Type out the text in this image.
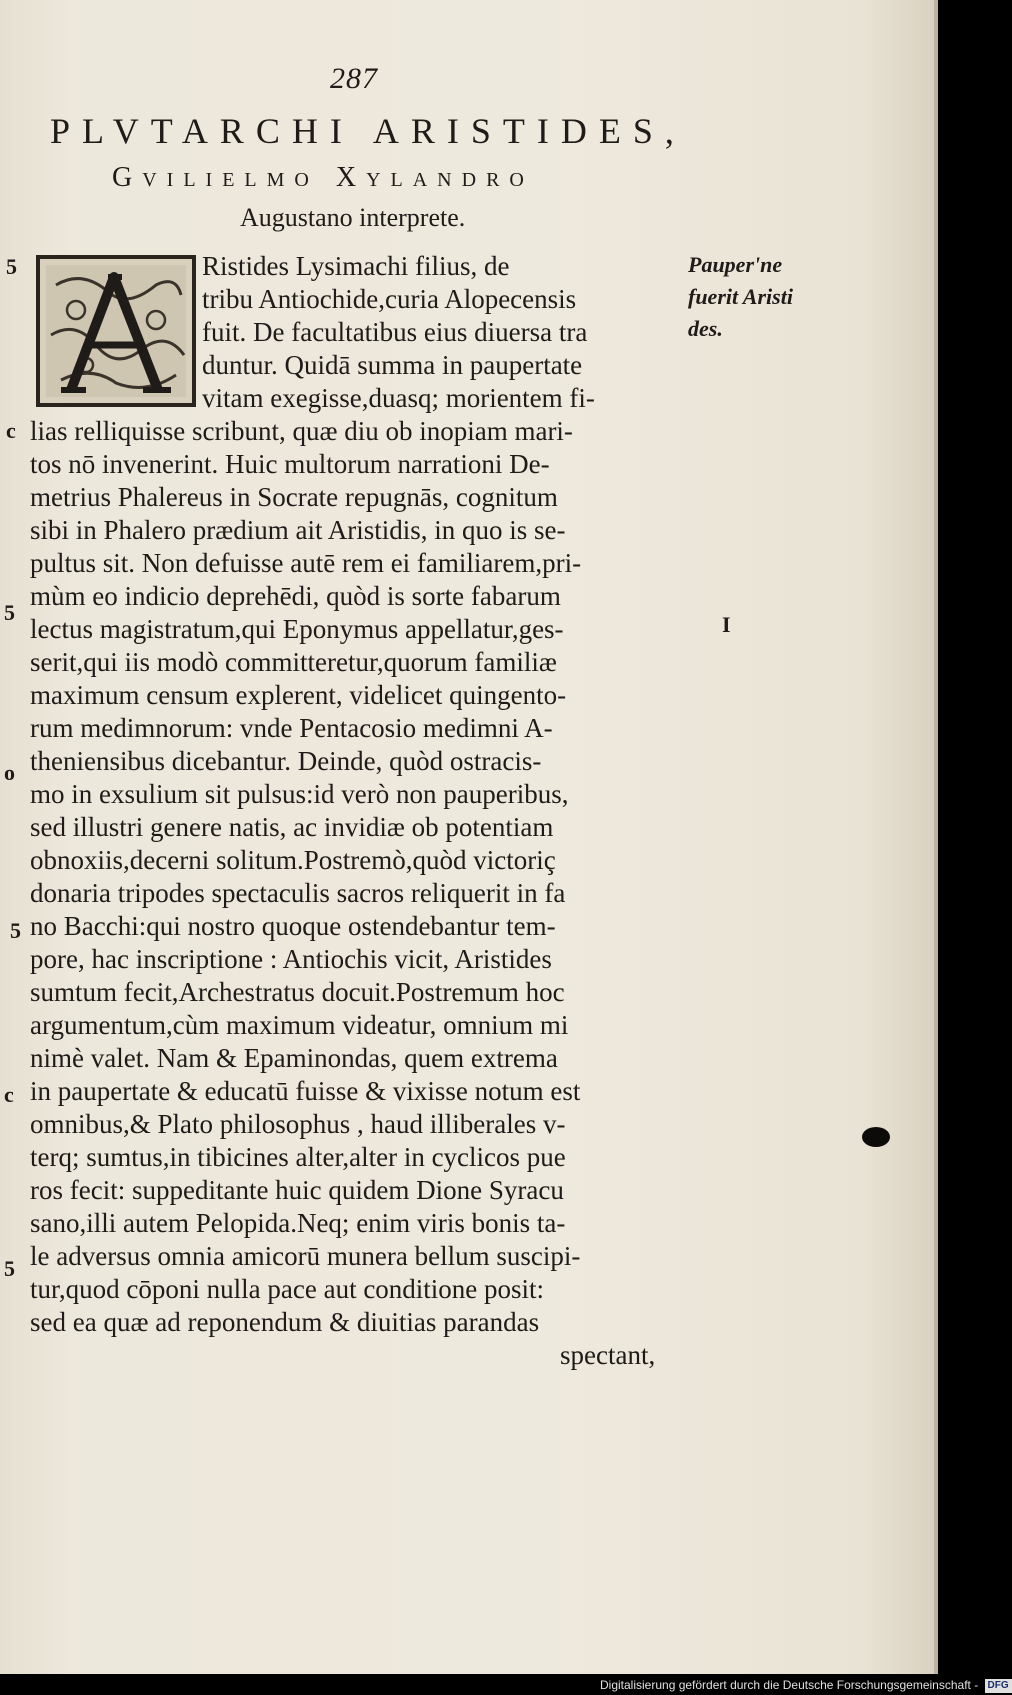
287
PLVTARCHI ARISTIDES,
Gvilielmo Xylandro
Augustano interprete.
Ristides Lysimachi filius, de
tribu Antiochide,curia Alopecensis
fuit. De facultatibus eius diuersa tra
duntur. Quidā summa in paupertate
vitam exegisse,duasq; morientem fi-
lias relliquisse scribunt, quæ diu ob inopiam mari-
tos nō invenerint. Huic multorum narrationi De-
metrius Phalereus in Socrate repugnās, cognitum
sibi in Phalero prædium ait Aristidis, in quo is se-
pultus sit. Non defuisse autē rem ei familiarem,pri-
mùm eo indicio deprehēdi, quòd is sorte fabarum
lectus magistratum,qui Eponymus appellatur,ges-
serit,qui iis modò committeretur,quorum familiæ
maximum censum explerent, videlicet quingento-
rum medimnorum: vnde Pentacosio medimni A-
theniensibus dicebantur. Deinde, quòd ostracis-
mo in exsulium sit pulsus:id verò non pauperibus,
sed illustri genere natis, ac invidiæ ob potentiam
obnoxiis,decerni solitum.Postremò,quòd victoriç
donaria tripodes spectaculis sacros reliquerit in fa
no Bacchi:qui nostro quoque ostendebantur tem-
pore, hac inscriptione : Antiochis vicit, Aristides
sumtum fecit,Archestratus docuit.Postremum hoc
argumentum,cùm maximum videatur, omnium mi
nimè valet. Nam & Epaminondas, quem extrema
in paupertate & educatū fuisse & vixisse notum est
omnibus,& Plato philosophus , haud illiberales v-
terq; sumtus,in tibicines alter,alter in cyclicos pue
ros fecit: suppeditante huic quidem Dione Syracu
sano,illi autem Pelopida.Neq; enim viris bonis ta-
le adversus omnia amicorū munera bellum suscipi-
tur,quod cōponi nulla pace aut conditione posit:
sed ea quæ ad reponendum & diuitias parandas
spectant,
Pauper'ne
fuerit Aristi
des.
I
5
c
5
o
5
c
5
Digitalisierung gefördert durch die Deutsche Forschungsgemeinschaft - DFG
